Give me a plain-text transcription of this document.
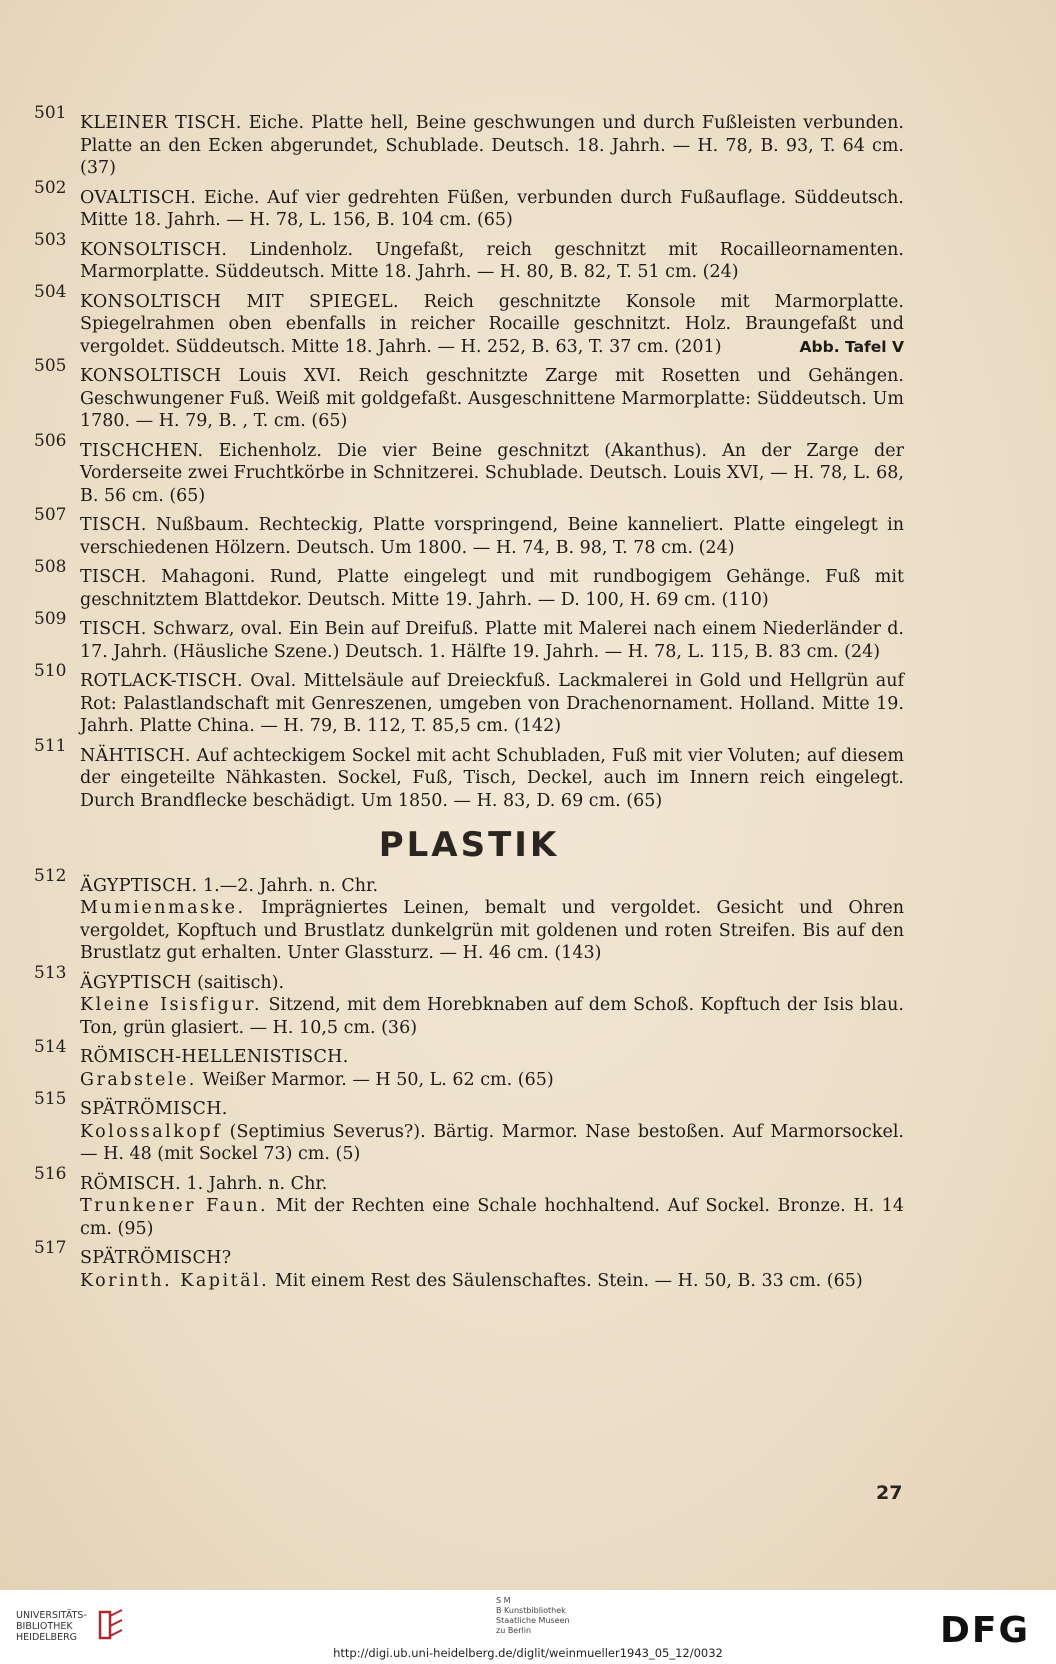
501 KLEINER TISCH. Eiche. Platte hell, Beine geschwungen und durch Fußleisten verbunden. Platte an den Ecken abgerundet, Schublade. Deutsch. 18. Jahrh. — H. 78, B. 93, T. 64 cm. (37)
502 OVALTISCH. Eiche. Auf vier gedrehten Füßen, verbunden durch Fußauflage. Süddeutsch. Mitte 18. Jahrh. — H. 78, L. 156, B. 104 cm. (65)
503 KONSOLTISCH. Lindenholz. Ungefaßt, reich geschnitzt mit Rocailleornamenten. Marmorplatte. Süddeutsch. Mitte 18. Jahrh. — H. 80, B. 82, T. 51 cm. (24)
504 KONSOLTISCH MIT SPIEGEL. Reich geschnitzte Konsole mit Marmorplatte. Spiegelrahmen oben ebenfalls in reicher Rocaille geschnitzt. Holz. Braungefaßt und vergoldet. Süddeutsch. Mitte 18. Jahrh. — H. 252, B. 63, T. 37 cm. (201)	Abb. Tafel V
505 KONSOLTISCH Louis XVI. Reich geschnitzte Zarge mit Rosetten und Gehängen. Geschwungener Fuß. Weiß mit goldgefaßt. Ausgeschnittene Marmorplatte: Süddeutsch. Um 1780. — H. 79, B. , T. cm. (65)
506 TISCHCHEN. Eichenholz. Die vier Beine geschnitzt (Akanthus). An der Zarge der Vorderseite zwei Fruchtkörbe in Schnitzerei. Schublade. Deutsch. Louis XVI, — H. 78, L. 68, B. 56 cm. (65)
507 TISCH. Nußbaum. Rechteckig, Platte vorspringend, Beine kanneliert. Platte eingelegt in verschiedenen Hölzern. Deutsch. Um 1800. — H. 74, B. 98, T. 78 cm. (24)
508 TISCH. Mahagoni. Rund, Platte eingelegt und mit rundbogigem Gehänge. Fuß mit geschnitztem Blattdekor. Deutsch. Mitte 19. Jahrh. — D. 100, H. 69 cm. (110)
509 TISCH. Schwarz, oval. Ein Bein auf Dreifuß. Platte mit Malerei nach einem Niederländer d. 17. Jahrh. (Häusliche Szene.) Deutsch. 1. Hälfte 19. Jahrh. — H. 78, L. 115, B. 83 cm. (24)
510 ROTLACK-TISCH. Oval. Mittelsäule auf Dreieckfuß. Lackmalerei in Gold und Hellgrün auf Rot: Palastlandschaft mit Genreszenen, umgeben von Drachenornament. Holland. Mitte 19. Jahrh. Platte China. — H. 79, B. 112, T. 85,5 cm. (142)
511 NÄHTISCH. Auf achteckigem Sockel mit acht Schubladen, Fuß mit vier Voluten; auf diesem der eingeteilte Nähkasten. Sockel, Fuß, Tisch, Deckel, auch im Innern reich eingelegt. Durch Brandflecke beschädigt. Um 1850. — H. 83, D. 69 cm. (65)
PLASTIK
512 ÄGYPTISCH. 1.—2. Jahrh. n. Chr.
Mumienmaske. Imprägniertes Leinen, bemalt und vergoldet. Gesicht und Ohren vergoldet, Kopftuch und Brustlatz dunkelgrün mit goldenen und roten Streifen. Bis auf den Brustlatz gut erhalten. Unter Glassturz. — H. 46 cm. (143)
513 ÄGYPTISCH (saitisch).
Kleine Isisfigur. Sitzend, mit dem Horebknaben auf dem Schoß. Kopftuch der Isis blau. Ton, grün glasiert. — H. 10,5 cm. (36)
514 RÖMISCH-HELLENISTISCH.
Grabstele. Weißer Marmor. — H 50, L. 62 cm. (65)
515 SPÄTRÖMISCH.
Kolossalkopf (Septimius Severus?). Bärtig. Marmor. Nase bestoßen. Auf Marmorsockel. — H. 48 (mit Sockel 73) cm. (5)
516 RÖMISCH. 1. Jahrh. n. Chr.
Trunkener Faun. Mit der Rechten eine Schale hochhaltend. Auf Sockel. Bronze. H. 14 cm. (95)
517 SPÄTRÖMISCH?
Korinth. Kapitäl. Mit einem Rest des Säulenschaftes. Stein. — H. 50, B. 33 cm. (65)
27
UNIVERSITÄTS-
BIBLIOTHEK
HEIDELBERG
S M
B Kunstbibliothek
Staatliche Museen
zu Berlin	DFG
http://digi.ub.uni-heidelberg.de/diglit/weinmueller1943_05_12/0032
